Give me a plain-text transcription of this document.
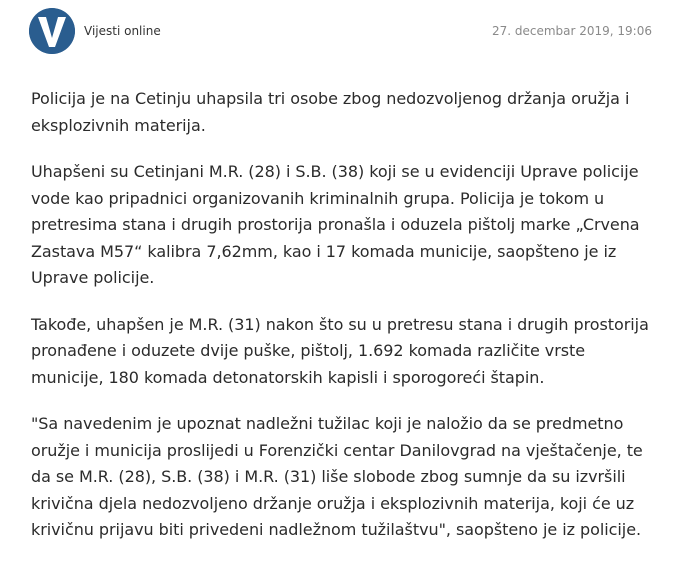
Vijesti online	27. decembar 2019, 19:06

Policija je na Cetinju uhapsila tri osobe zbog nedozvoljenog držanja oružja i eksplozivnih materija.

Uhapšeni su Cetinjani M.R. (28) i S.B. (38) koji se u evidenciji Uprave policije vode kao pripadnici organizovanih kriminalnih grupa. Policija je tokom u pretresima stana i drugih prostorija pronašla i oduzela pištolj marke „Crvena Zastava M57“ kalibra 7,62mm, kao i 17 komada municije, saopšteno je iz Uprave policije.

Takođe, uhapšen je M.R. (31) nakon što su u pretresu stana i drugih prostorija pronađene i oduzete dvije puške, pištolj, 1.692 komada različite vrste municije, 180 komada detonatorskih kapisli i sporogoreći štapin.

"Sa navedenim je upoznat nadležni tužilac koji je naložio da se predmetno oružje i municija proslijedi u Forenzički centar Danilovgrad na vještačenje, te da se M.R. (28), S.B. (38) i M.R. (31) liše slobode zbog sumnje da su izvršili krivična djela nedozvoljeno držanje oružja i eksplozivnih materija, koji će uz krivičnu prijavu biti privedeni nadležnom tužilaštvu", saopšteno je iz policije.
